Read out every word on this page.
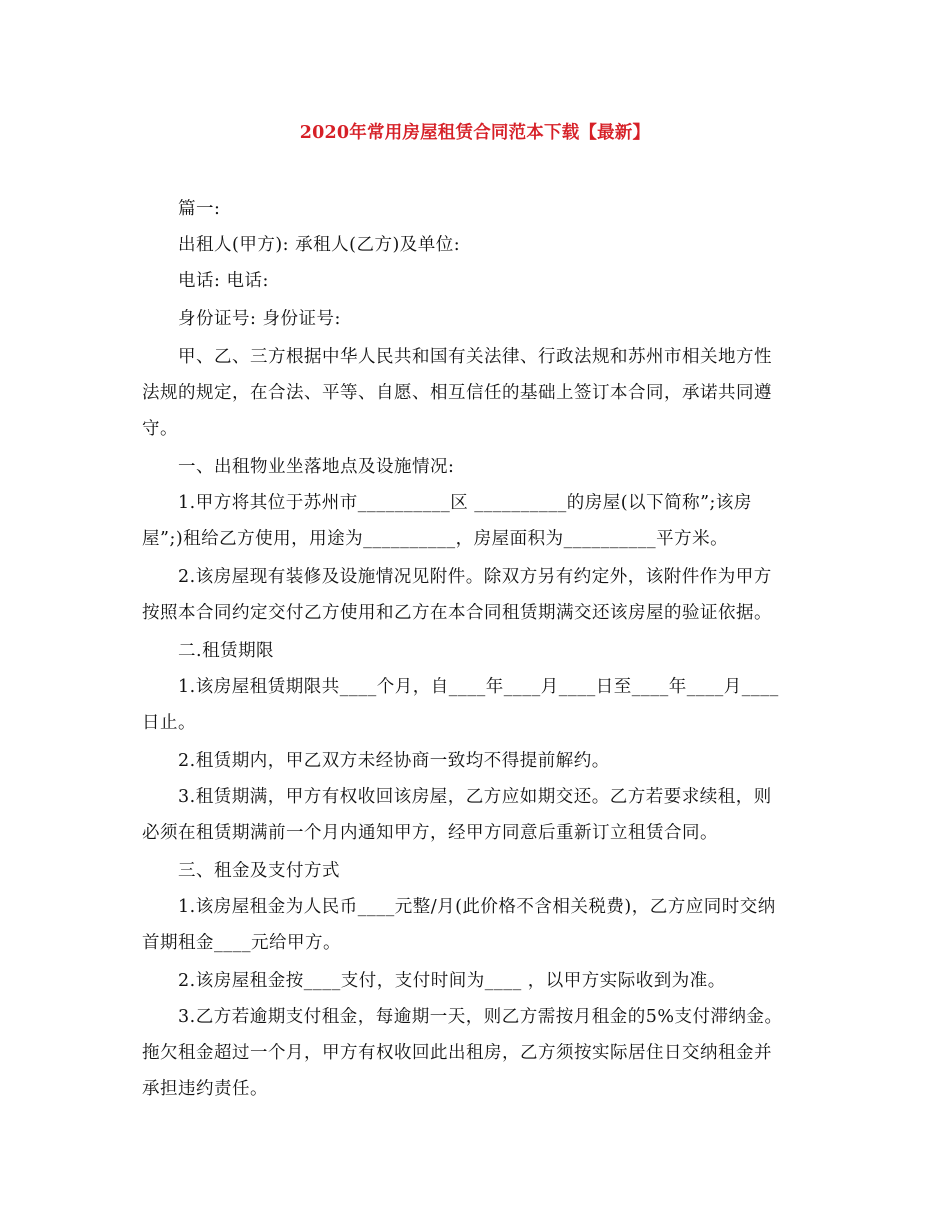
2020年常用房屋租赁合同范本下载【最新】
篇一:
出租人(甲方): 承租人(乙方)及单位:
电话: 电话:
身份证号: 身份证号:
甲、乙、三方根据中华人民共和国有关法律、行政法规和苏州市相关地方性
法规的规定，在合法、平等、自愿、相互信任的基础上签订本合同，承诺共同遵
守。
一、出租物业坐落地点及设施情况:
1.甲方将其位于苏州市__________区 __________的房屋(以下简称”;该房
屋”;)租给乙方使用，用途为__________，房屋面积为__________平方米。
2.该房屋现有装修及设施情况见附件。除双方另有约定外，该附件作为甲方
按照本合同约定交付乙方使用和乙方在本合同租赁期满交还该房屋的验证依据。
二.租赁期限
1.该房屋租赁期限共____个月，自____年____月____日至____年____月____
日止。
2.租赁期内，甲乙双方未经协商一致均不得提前解约。
3.租赁期满，甲方有权收回该房屋，乙方应如期交还。乙方若要求续租，则
必须在租赁期满前一个月内通知甲方，经甲方同意后重新订立租赁合同。
三、租金及支付方式
1.该房屋租金为人民币____元整/月(此价格不含相关税费)，乙方应同时交纳
首期租金____元给甲方。
2.该房屋租金按____支付，支付时间为____ ，以甲方实际收到为准。
3.乙方若逾期支付租金，每逾期一天，则乙方需按月租金的5%支付滞纳金。
拖欠租金超过一个月，甲方有权收回此出租房，乙方须按实际居住日交纳租金并
承担违约责任。
